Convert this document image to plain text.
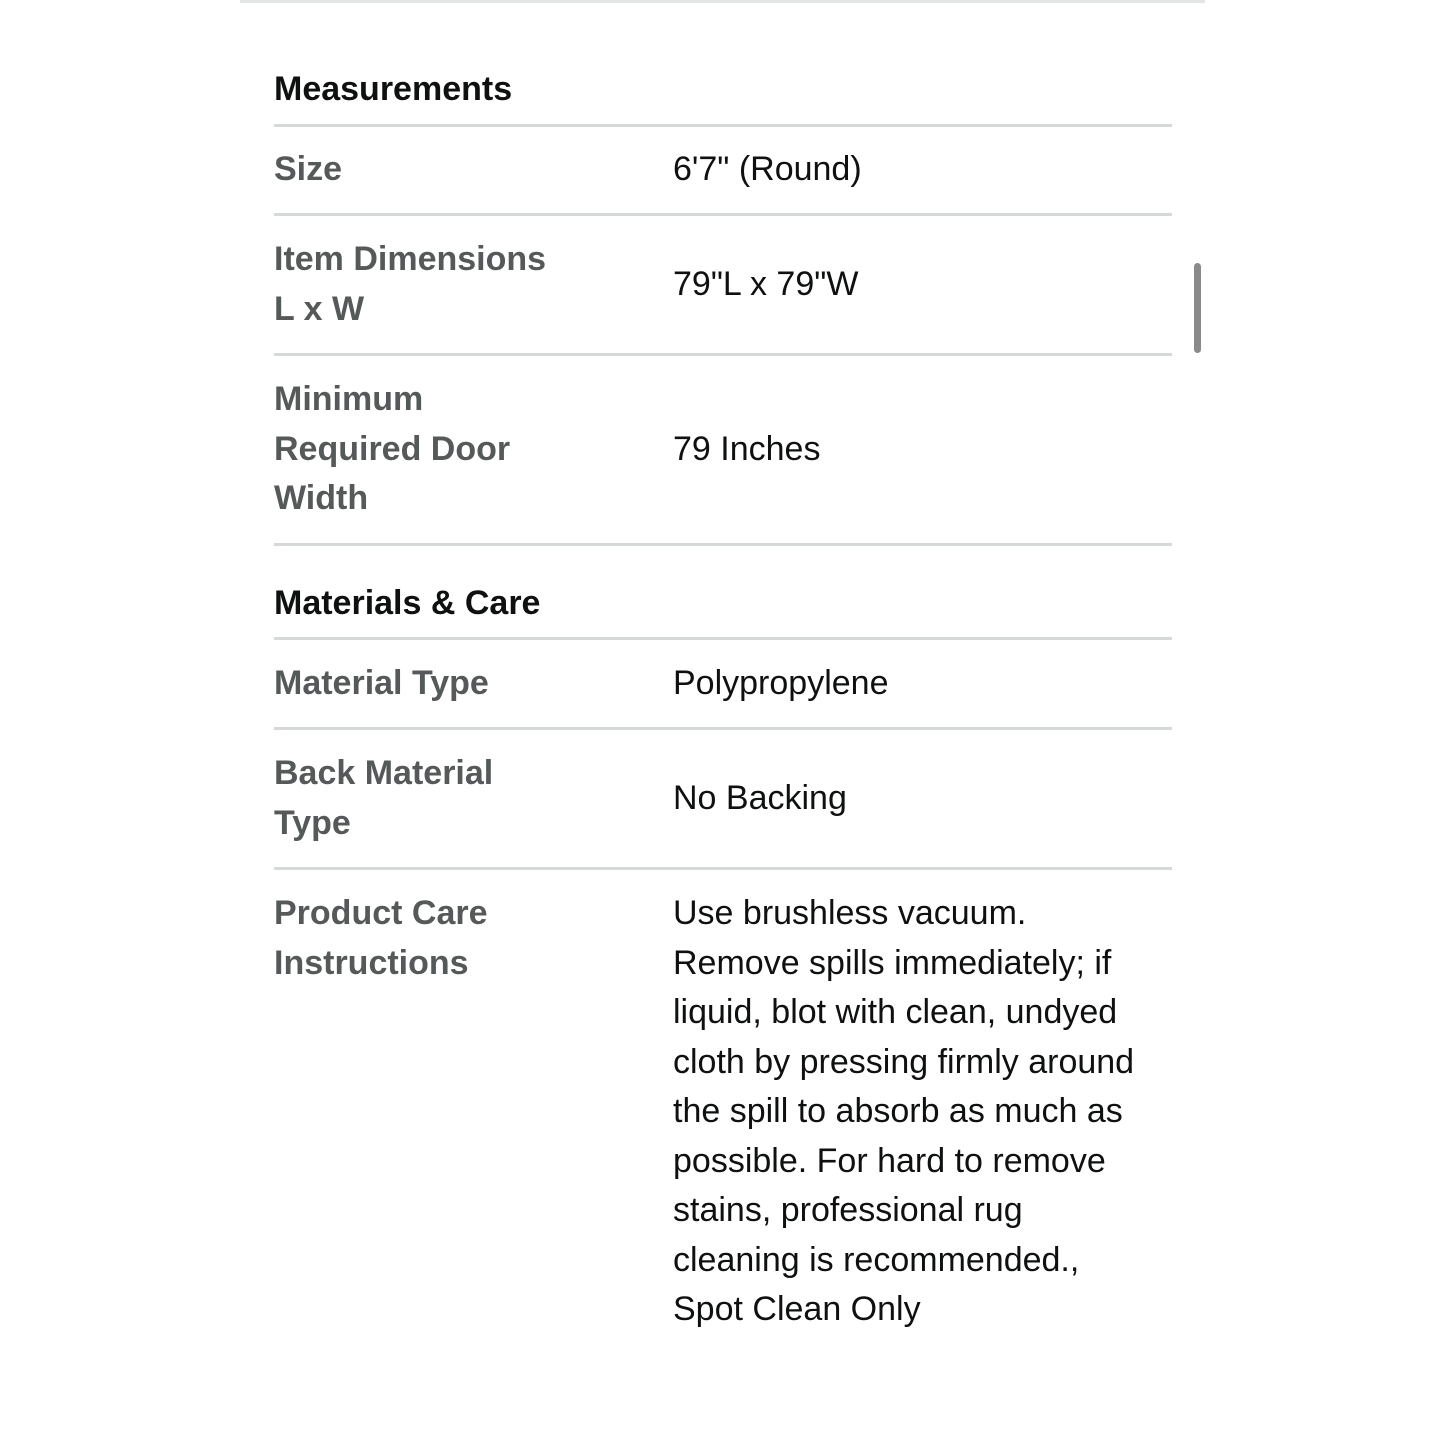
Measurements
Size	6'7" (Round)
Item Dimensions L x W
79"L x 79"W
Minimum Required Door Width
79 Inches
Materials & Care
Material Type	Polypropylene
Back Material Type
No Backing
Product Care Instructions
Use brushless vacuum. Remove spills immediately; if liquid, blot with clean, undyed cloth by pressing firmly around the spill to absorb as much as possible. For hard to remove stains, professional rug cleaning is recommended., Spot Clean Only
